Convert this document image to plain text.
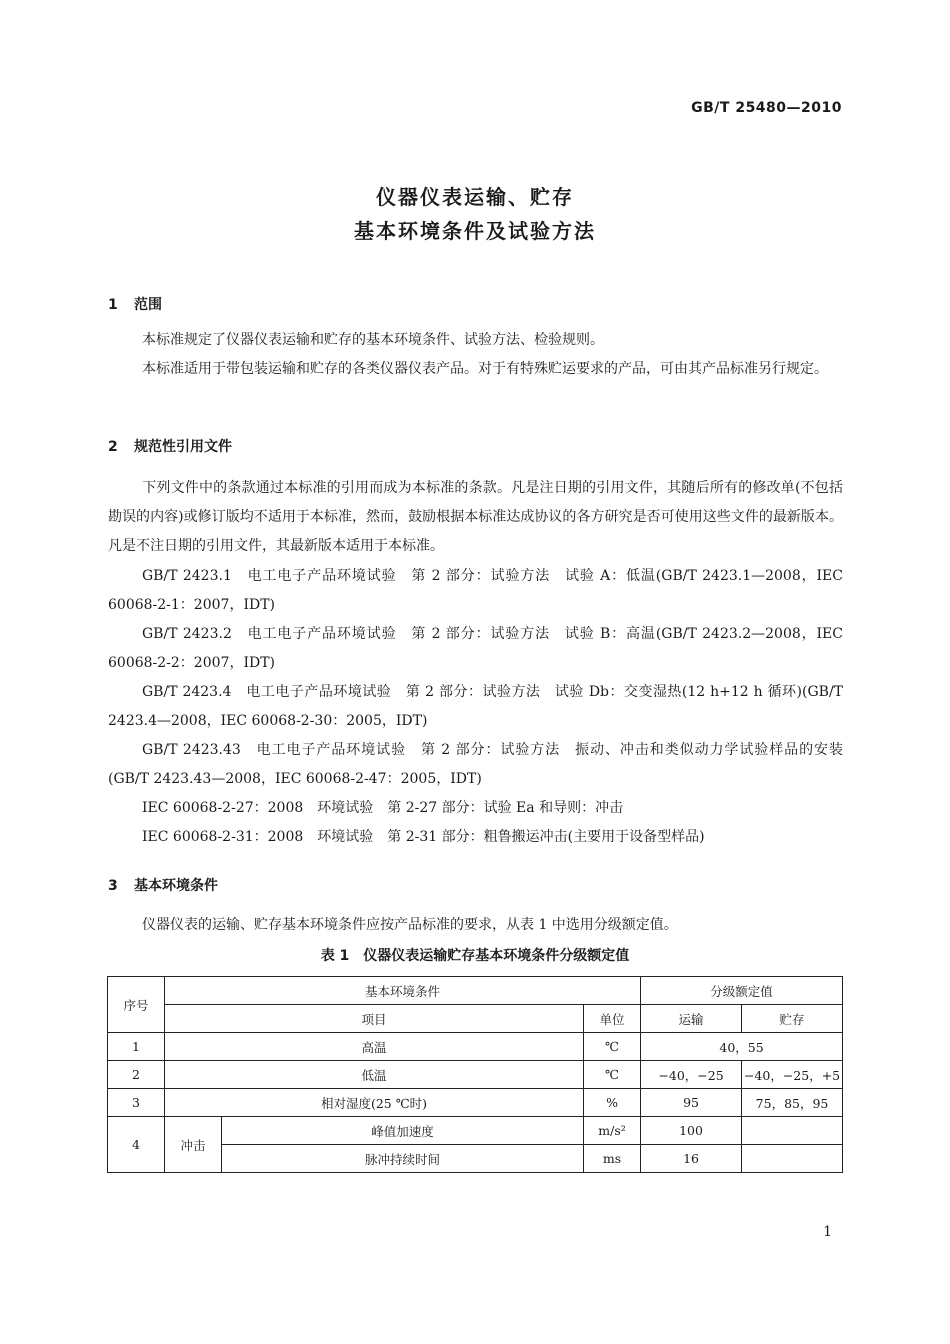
GB/T 25480—2010
仪器仪表运输、贮存
基本环境条件及试验方法
1 范围
本标准规定了仪器仪表运输和贮存的基本环境条件、试验方法、检验规则。
本标准适用于带包装运输和贮存的各类仪器仪表产品。对于有特殊贮运要求的产品，可由其产品标准另行规定。
2 规范性引用文件
下列文件中的条款通过本标准的引用而成为本标准的条款。凡是注日期的引用文件，其随后所有的修改单(不包括勘误的内容)或修订版均不适用于本标准，然而，鼓励根据本标准达成协议的各方研究是否可使用这些文件的最新版本。凡是不注日期的引用文件，其最新版本适用于本标准。
GB/T 2423.1　电工电子产品环境试验　第 2 部分：试验方法　试验 A：低温(GB/T 2423.1—2008，IEC 60068-2-1：2007，IDT)
GB/T 2423.2　电工电子产品环境试验　第 2 部分：试验方法　试验 B：高温(GB/T 2423.2—2008，IEC 60068-2-2：2007，IDT)
GB/T 2423.4　电工电子产品环境试验　第 2 部分：试验方法　试验 Db：交变湿热(12 h+12 h 循环)(GB/T 2423.4—2008，IEC 60068-2-30：2005，IDT)
GB/T 2423.43　电工电子产品环境试验　第 2 部分：试验方法　振动、冲击和类似动力学试验样品的安装(GB/T 2423.43—2008，IEC 60068-2-47：2005，IDT)
IEC 60068-2-27：2008　环境试验　第 2-27 部分：试验 Ea 和导则：冲击
IEC 60068-2-31：2008　环境试验　第 2-31 部分：粗鲁搬运冲击(主要用于设备型样品)
3 基本环境条件
仪器仪表的运输、贮存基本环境条件应按产品标准的要求，从表 1 中选用分级额定值。
表 1　仪器仪表运输贮存基本环境条件分级额定值
序号	基本环境条件			分级额定值	
	项目		单位	运输	贮存
1	高温		℃	40，55	
2	低温		℃	−40，−25	−40，−25，+5
3	相对湿度(25 ℃时)		%	95	75，85，95
4	冲击	峰值加速度	m/s²	100	
		脉冲持续时间	ms	16	
1
